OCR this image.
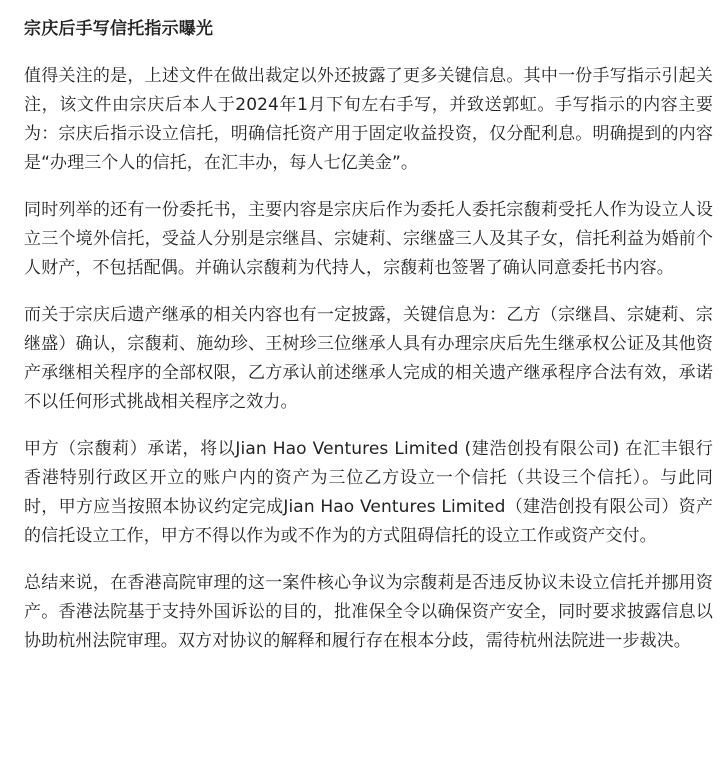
宗庆后手写信托指示曝光

值得关注的是，上述文件在做出裁定以外还披露了更多关键信息。其中一份手写指示引起关注，该文件由宗庆后本人于2024年1月下旬左右手写，并致送郭虹。手写指示的内容主要为：宗庆后指示设立信托，明确信托资产用于固定收益投资，仅分配利息。明确提到的内容是“办理三个人的信托，在汇丰办，每人七亿美金”。

同时列举的还有一份委托书，主要内容是宗庆后作为委托人委托宗馥莉受托人作为设立人设立三个境外信托，受益人分别是宗继昌、宗婕莉、宗继盛三人及其子女，信托利益为婚前个人财产，不包括配偶。并确认宗馥莉为代持人，宗馥莉也签署了确认同意委托书内容。

而关于宗庆后遗产继承的相关内容也有一定披露，关键信息为：乙方（宗继昌、宗婕莉、宗继盛）确认，宗馥莉、施幼珍、王树珍三位继承人具有办理宗庆后先生继承权公证及其他资产承继相关程序的全部权限，乙方承认前述继承人完成的相关遗产继承程序合法有效，承诺不以任何形式挑战相关程序之效力。

甲方（宗馥莉）承诺，将以Jian Hao Ventures Limited (建浩创投有限公司) 在汇丰银行香港特别行政区开立的账户内的资产为三位乙方设立一个信托（共设三个信托）。与此同时，甲方应当按照本协议约定完成Jian Hao Ventures Limited（建浩创投有限公司）资产的信托设立工作，甲方不得以作为或不作为的方式阻碍信托的设立工作或资产交付。

总结来说，在香港高院审理的这一案件核心争议为宗馥莉是否违反协议未设立信托并挪用资产。香港法院基于支持外国诉讼的目的，批准保全令以确保资产安全，同时要求披露信息以协助杭州法院审理。双方对协议的解释和履行存在根本分歧，需待杭州法院进一步裁决。
